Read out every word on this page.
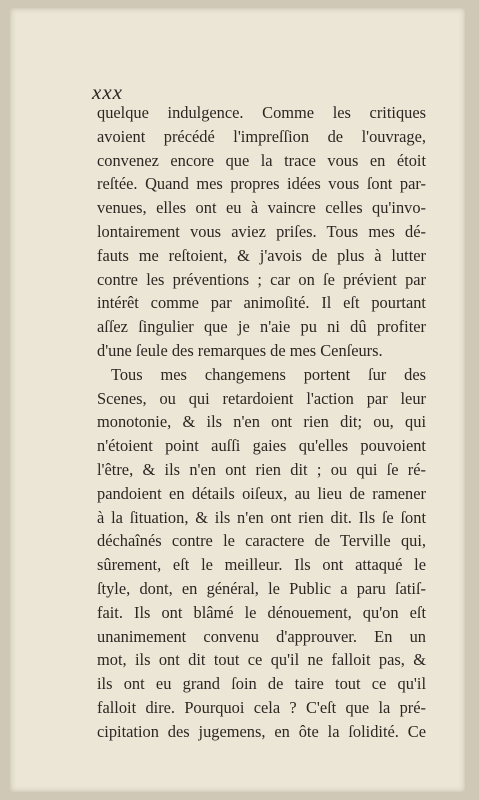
xxx
quelque indulgence. Comme les critiques
avoient précédé l'impreſſion de l'ouvrage,
convenez encore que la trace vous en étoit
reſtée. Quand mes propres idées vous ſont par-
venues, elles ont eu à vaincre celles qu'invo-
lontairement vous aviez priſes. Tous mes dé-
fauts me reſtoient, & j'avois de plus à lutter
contre les préventions ; car on ſe prévient par
intérêt comme par animoſité. Il eſt pourtant
aſſez ſingulier que je n'aie pu ni dû profiter
d'une ſeule des remarques de mes Cenſeurs.
Tous mes changemens portent ſur des
Scenes, ou qui retardoient l'action par leur
monotonie, & ils n'en ont rien dit; ou, qui
n'étoient point auſſi gaies qu'elles pouvoient
l'être, & ils n'en ont rien dit ; ou qui ſe ré-
pandoient en détails oiſeux, au lieu de ramener
à la ſituation, & ils n'en ont rien dit. Ils ſe ſont
déchaînés contre le caractere de Terville qui,
sûrement, eſt le meilleur. Ils ont attaqué le
ſtyle, dont, en général, le Public a paru ſatiſ-
fait. Ils ont blâmé le dénouement, qu'on eſt
unanimement convenu d'approuver. En un
mot, ils ont dit tout ce qu'il ne falloit pas, &
ils ont eu grand ſoin de taire tout ce qu'il
falloit dire. Pourquoi cela ? C'eſt que la pré-
cipitation des jugemens, en ôte la ſolidité. Ce
